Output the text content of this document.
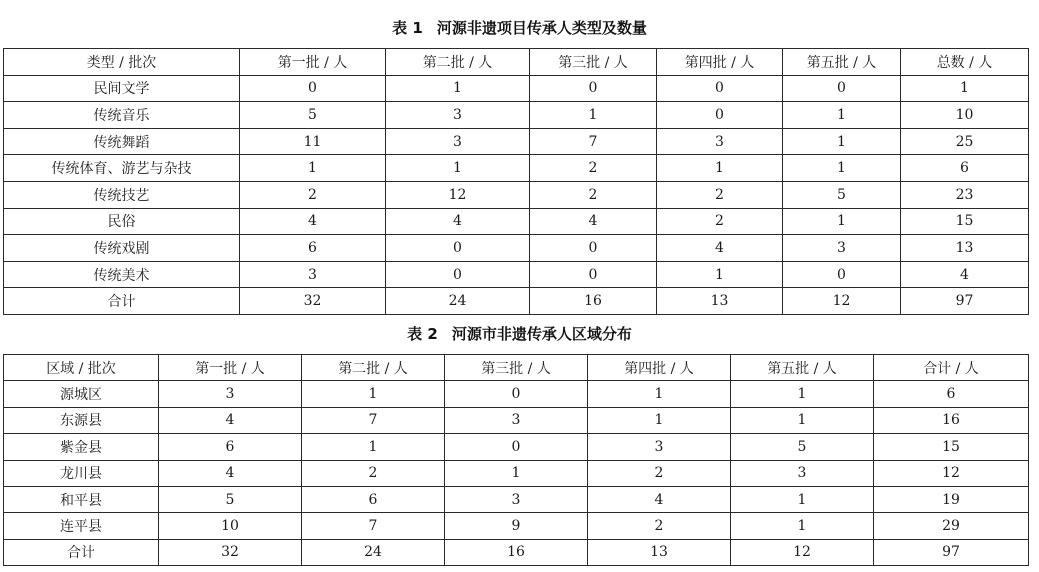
表 1 河源非遗项目传承人类型及数量
类型 / 批次	第一批 / 人	第二批 / 人	第三批 / 人	第四批 / 人	第五批 / 人	总数 / 人
民间文学	0	1	0	0	0	1
传统音乐	5	3	1	0	1	10
传统舞蹈	11	3	7	3	1	25
传统体育、游艺与杂技	1	1	2	1	1	6
传统技艺	2	12	2	2	5	23
民俗	4	4	4	2	1	15
传统戏剧	6	0	0	4	3	13
传统美术	3	0	0	1	0	4
合计	32	24	16	13	12	97
表 2 河源市非遗传承人区域分布
区域 / 批次	第一批 / 人	第二批 / 人	第三批 / 人	第四批 / 人	第五批 / 人	合计 / 人
源城区	3	1	0	1	1	6
东源县	4	7	3	1	1	16
紫金县	6	1	0	3	5	15
龙川县	4	2	1	2	3	12
和平县	5	6	3	4	1	19
连平县	10	7	9	2	1	29
合计	32	24	16	13	12	97
